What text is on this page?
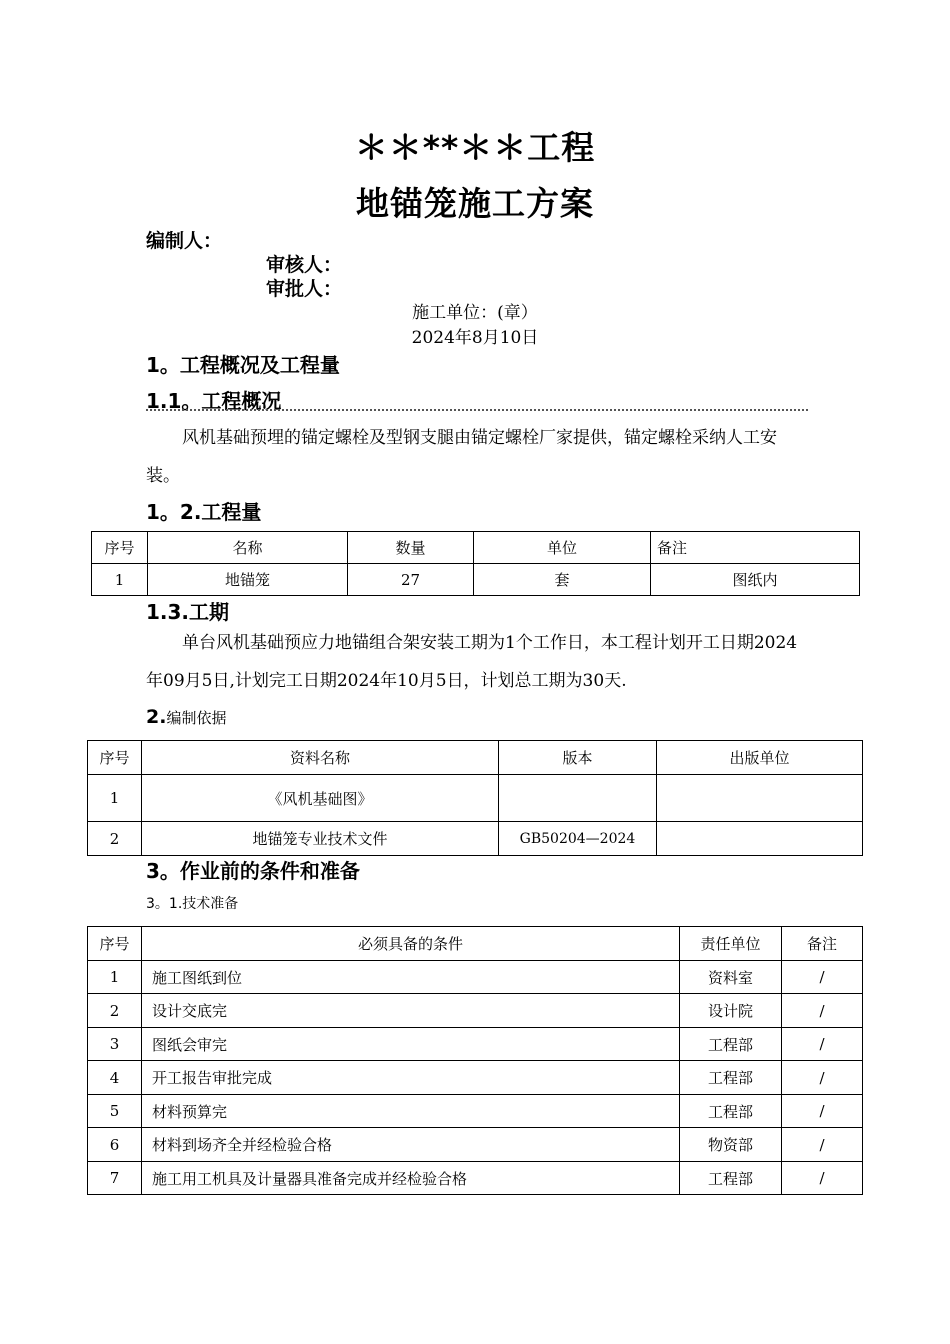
＊＊**＊＊工程
地锚笼施工方案
编制人：
审核人：
审批人：
施工单位：(章）
2024年8月10日
1。工程概况及工程量
1.1。工程概况
风机基础预埋的锚定螺栓及型钢支腿由锚定螺栓厂家提供，锚定螺栓采纳人工安装。
1。2.工程量
序号	名称	数量	单位	备注
1	地锚笼	27	套	图纸内
1.3.工期
单台风机基础预应力地锚组合架安装工期为1个工作日，本工程计划开工日期2024年09月5日,计划完工日期2024年10月5日，计划总工期为30天.
2.编制依据
序号	资料名称	版本	出版单位
1	《风机基础图》		
2	地锚笼专业技术文件	GB50204—2024	
3。作业前的条件和准备
3。1.技术准备
序号	必须具备的条件	责任单位	备注
1	施工图纸到位	资料室	/
2	设计交底完	设计院	/
3	图纸会审完	工程部	/
4	开工报告审批完成	工程部	/
5	材料预算完	工程部	/
6	材料到场齐全并经检验合格	物资部	/
7	施工用工机具及计量器具准备完成并经检验合格	工程部	/
